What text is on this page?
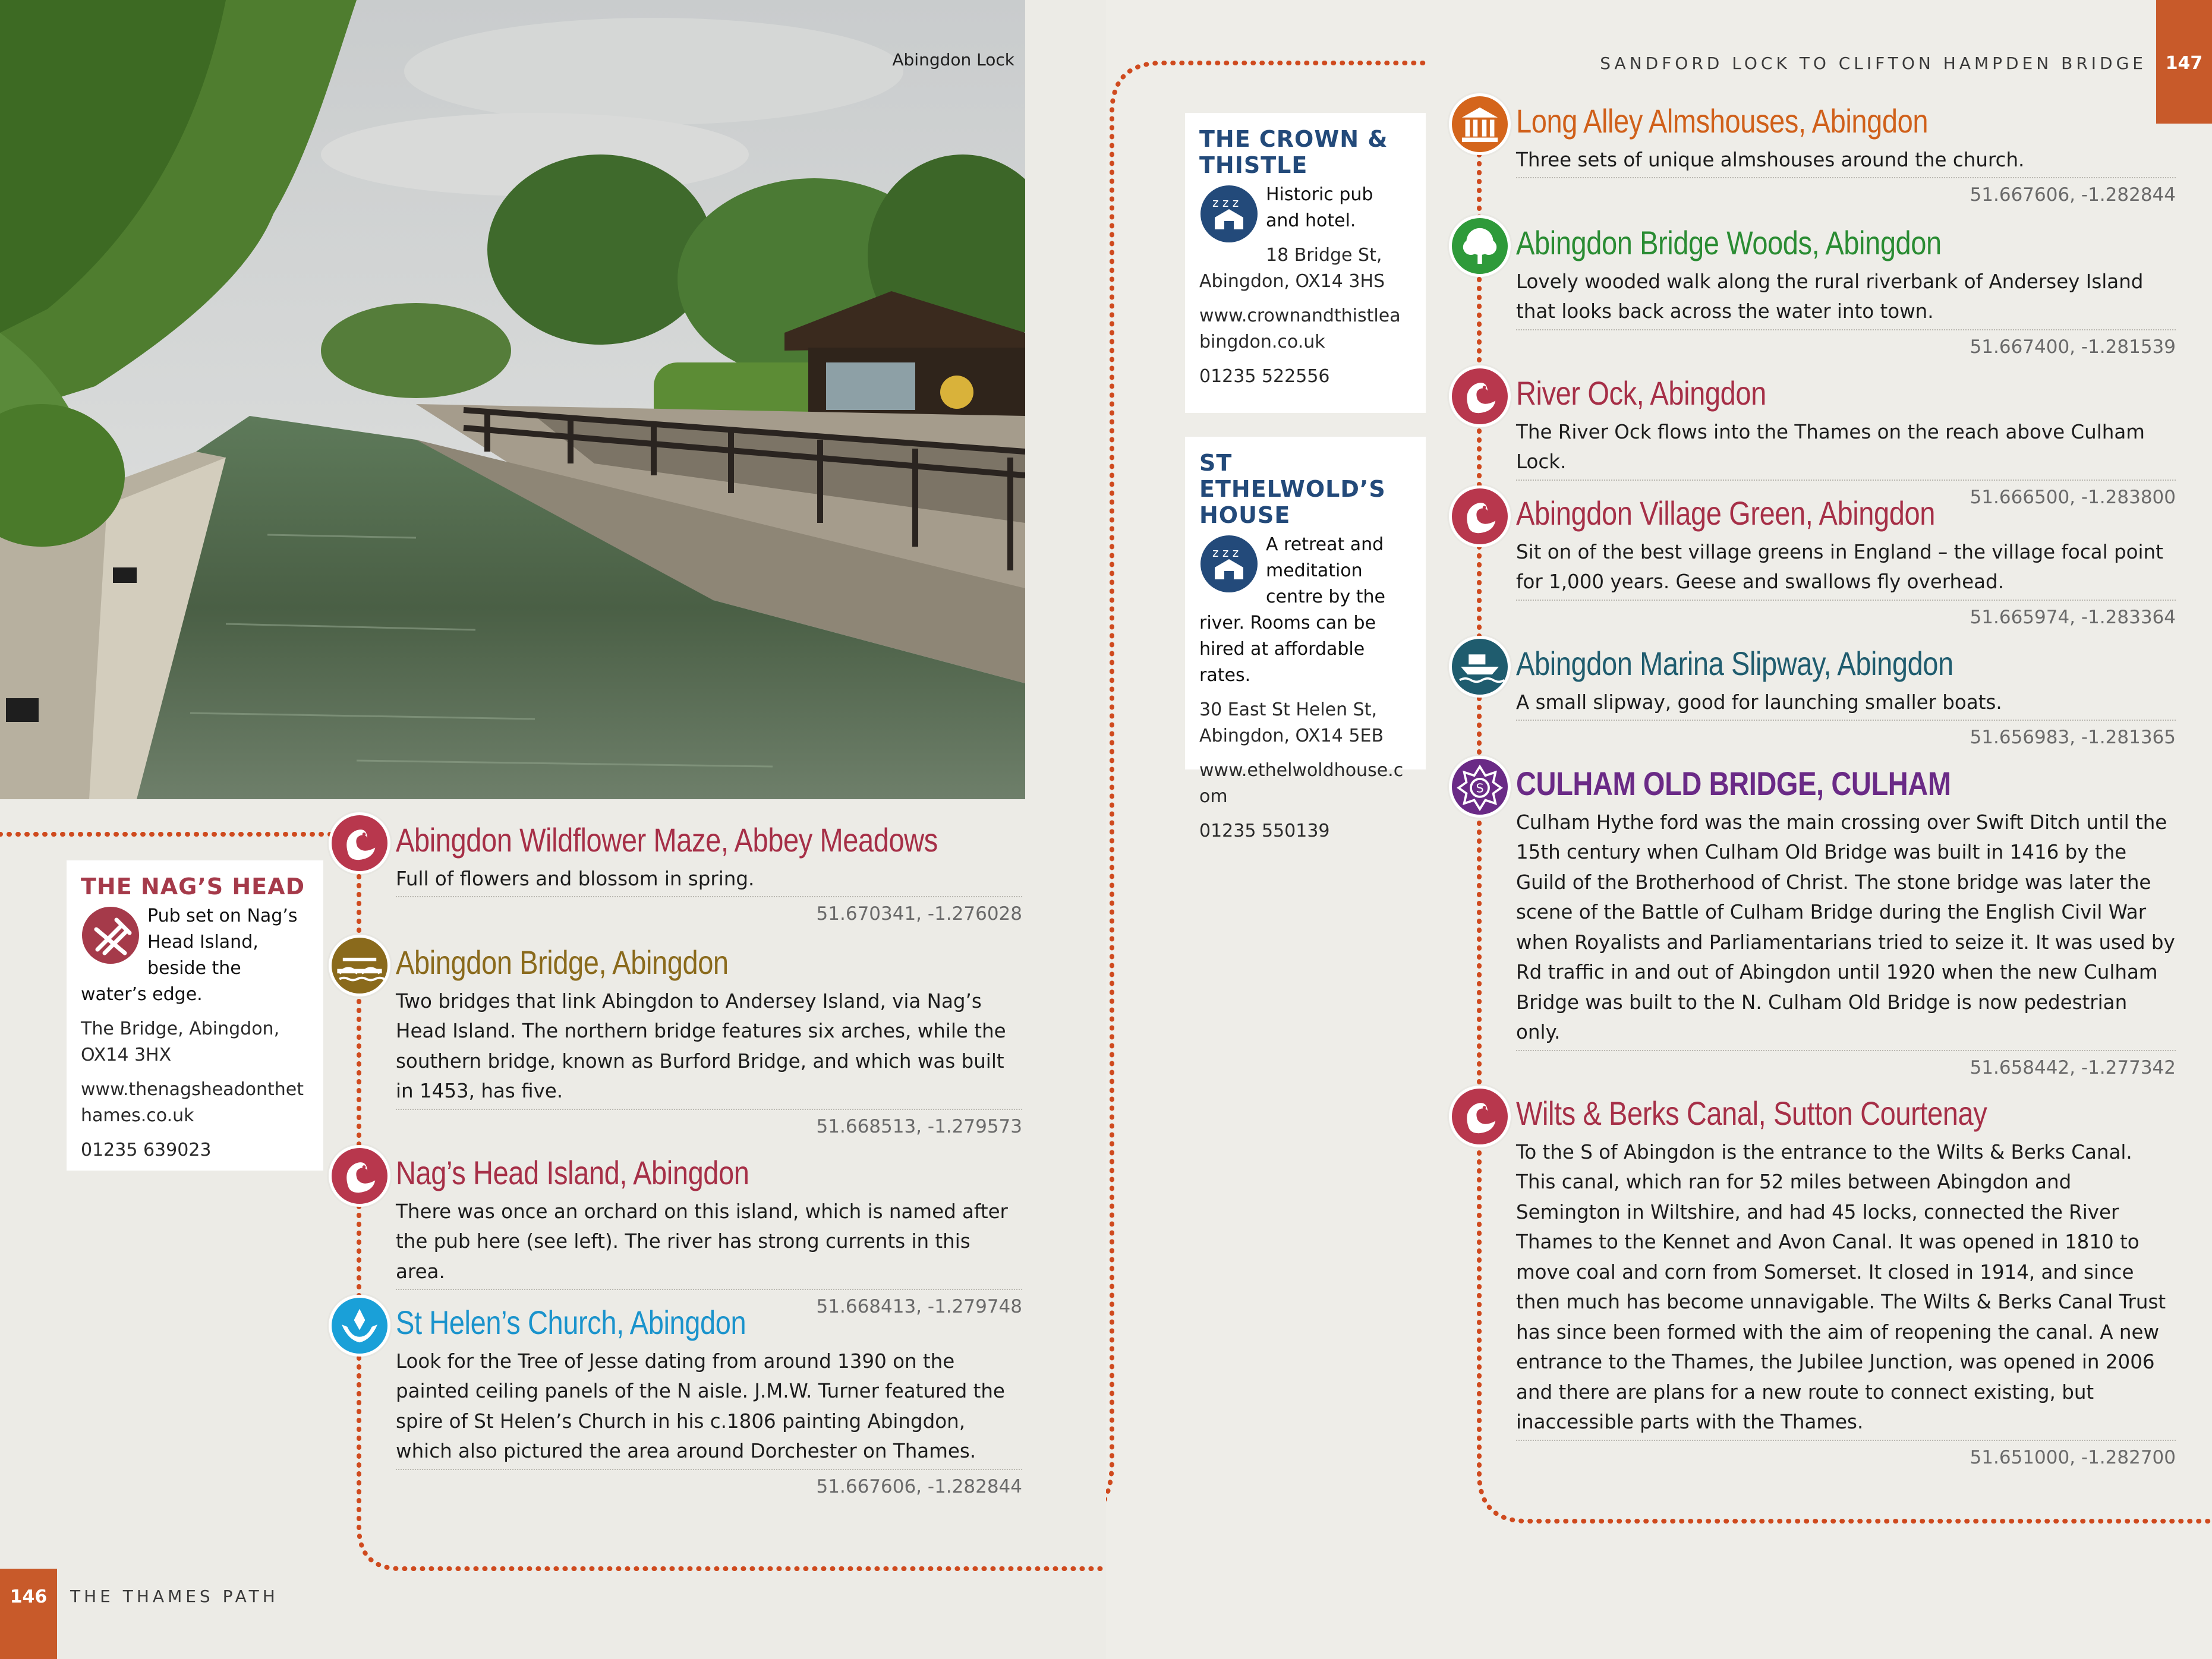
Abingdon Lock
THE NAG’S HEAD
Pub set on Nag’s Head Island, beside the water’s edge.
The Bridge, Abingdon, OX14 3HX
www.thenagsheadonthethames.co.uk
01235 639023
Abingdon Wildflower Maze, Abbey Meadows

Full of flowers and blossom in spring.

51.670341, -1.276028
Abingdon Bridge, Abingdon

Two bridges that link Abingdon to Andersey Island, via Nag’s Head Island. The northern bridge features six arches, while the southern bridge, known as Burford Bridge, and which was built in 1453, has five.

51.668513, -1.279573
Nag’s Head Island, Abingdon

There was once an orchard on this island, which is named after the pub here (see left). The river has strong currents in this area.

51.668413, -1.279748
St Helen’s Church, Abingdon

Look for the Tree of Jesse dating from around 1390 on the painted ceiling panels of the N aisle. J.M.W. Turner featured the spire of St Helen’s Church in his c.1806 painting Abingdon, which also pictured the area around Dorchester on Thames.

51.667606, -1.282844
146	THE THAMES PATH
SANDFORD LOCK TO CLIFTON HAMPDEN BRIDGE	147
THE CROWN & THISTLE
z z z	Historic pub and hotel.
18 Bridge St, Abingdon, OX14 3HS
www.crownandthistleabingdon.co.uk
01235 522556
ST ETHELWOLD’S HOUSE
z z z	A retreat and meditation centre by the river. Rooms can be hired at affordable rates.
30 East St Helen St, Abingdon, OX14 5EB
www.ethelwoldhouse.com
01235 550139
Long Alley Almshouses, Abingdon

Three sets of unique almshouses around the church.

51.667606, -1.282844
Abingdon Bridge Woods, Abingdon

Lovely wooded walk along the rural riverbank of Andersey Island that looks back across the water into town.

51.667400, -1.281539
River Ock, Abingdon

The River Ock flows into the Thames on the reach above Culham Lock.

51.666500, -1.283800
Abingdon Village Green, Abingdon

Sit on of the best village greens in England – the village focal point for 1,000 years. Geese and swallows fly overhead.

51.665974, -1.283364
Abingdon Marina Slipway, Abingdon

A small slipway, good for launching smaller boats.

51.656983, -1.281365
S CULHAM OLD BRIDGE, CULHAM

Culham Hythe ford was the main crossing over Swift Ditch until the 15th century when Culham Old Bridge was built in 1416 by the Guild of the Brotherhood of Christ. The stone bridge was later the scene of the Battle of Culham Bridge during the English Civil War when Royalists and Parliamentarians tried to seize it. It was used by Rd traffic in and out of Abingdon until 1920 when the new Culham Bridge was built to the N. Culham Old Bridge is now pedestrian only.

51.658442, -1.277342
Wilts & Berks Canal, Sutton Courtenay

To the S of Abingdon is the entrance to the Wilts & Berks Canal. This canal, which ran for 52 miles between Abingdon and Semington in Wiltshire, and had 45 locks, connected the River Thames to the Kennet and Avon Canal. It was opened in 1810 to move coal and corn from Somerset. It closed in 1914, and since then much has become unnavigable. The Wilts & Berks Canal Trust has since been formed with the aim of reopening the canal. A new entrance to the Thames, the Jubilee Junction, was opened in 2006 and there are plans for a new route to connect existing, but inaccessible parts with the Thames.

51.651000, -1.282700
